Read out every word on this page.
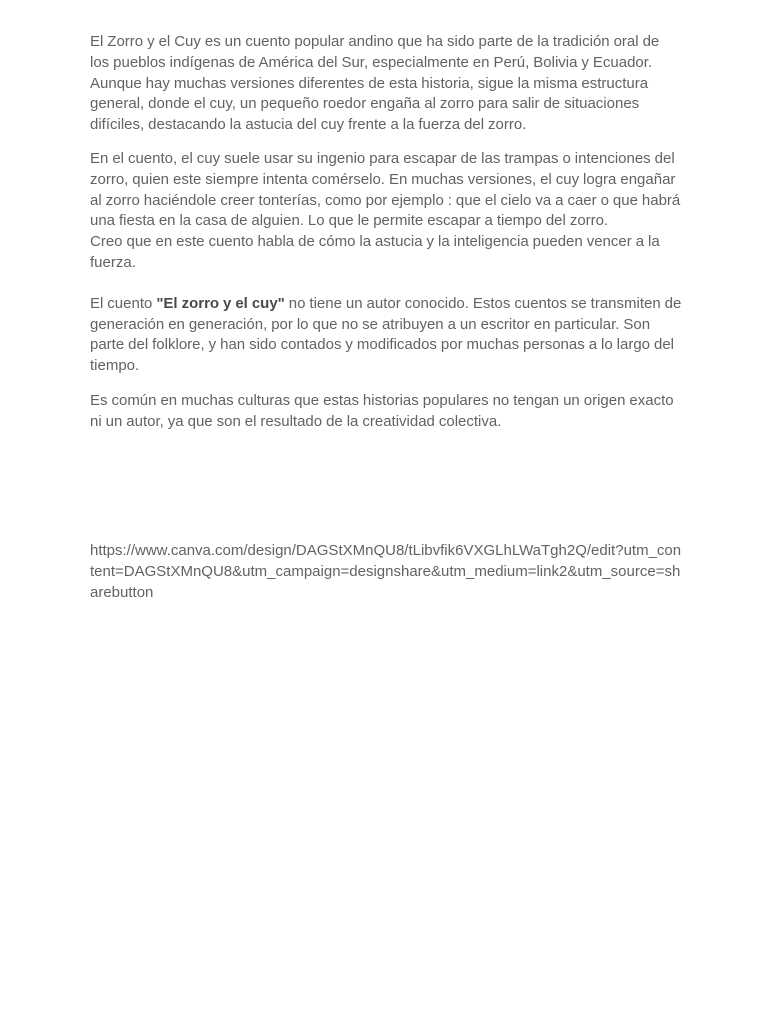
El Zorro y el Cuy es un cuento popular andino que ha sido parte de la tradición oral de los pueblos indígenas de América del Sur, especialmente en Perú, Bolivia y Ecuador. Aunque hay muchas versiones diferentes de esta historia, sigue la misma estructura general, donde el cuy, un pequeño roedor engaña al zorro para salir de situaciones difíciles, destacando la astucia del cuy frente a la fuerza del zorro.

En el cuento, el cuy suele usar su ingenio para escapar de las trampas o intenciones del zorro, quien este siempre intenta comérselo. En muchas versiones, el cuy logra engañar al zorro haciéndole creer tonterías, como por ejemplo : que el cielo va a caer o que habrá una fiesta en la casa de alguien. Lo que le permite escapar a tiempo del zorro.

Creo que en este cuento habla de cómo la astucia y la inteligencia pueden vencer a la fuerza.

El cuento "El zorro y el cuy" no tiene un autor conocido. Estos cuentos se transmiten de generación en generación, por lo que no se atribuyen a un escritor en particular. Son parte del folklore, y han sido contados y modificados por muchas personas a lo largo del tiempo.

Es común en muchas culturas que estas historias populares no tengan un origen exacto ni un autor, ya que son el resultado de la creatividad colectiva.

https://www.canva.com/design/DAGStXMnQU8/tLibvfik6VXGLhLWaTgh2Q/edit?utm_content=DAGStXMnQU8&utm_campaign=designshare&utm_medium=link2&utm_source=sharebutton
